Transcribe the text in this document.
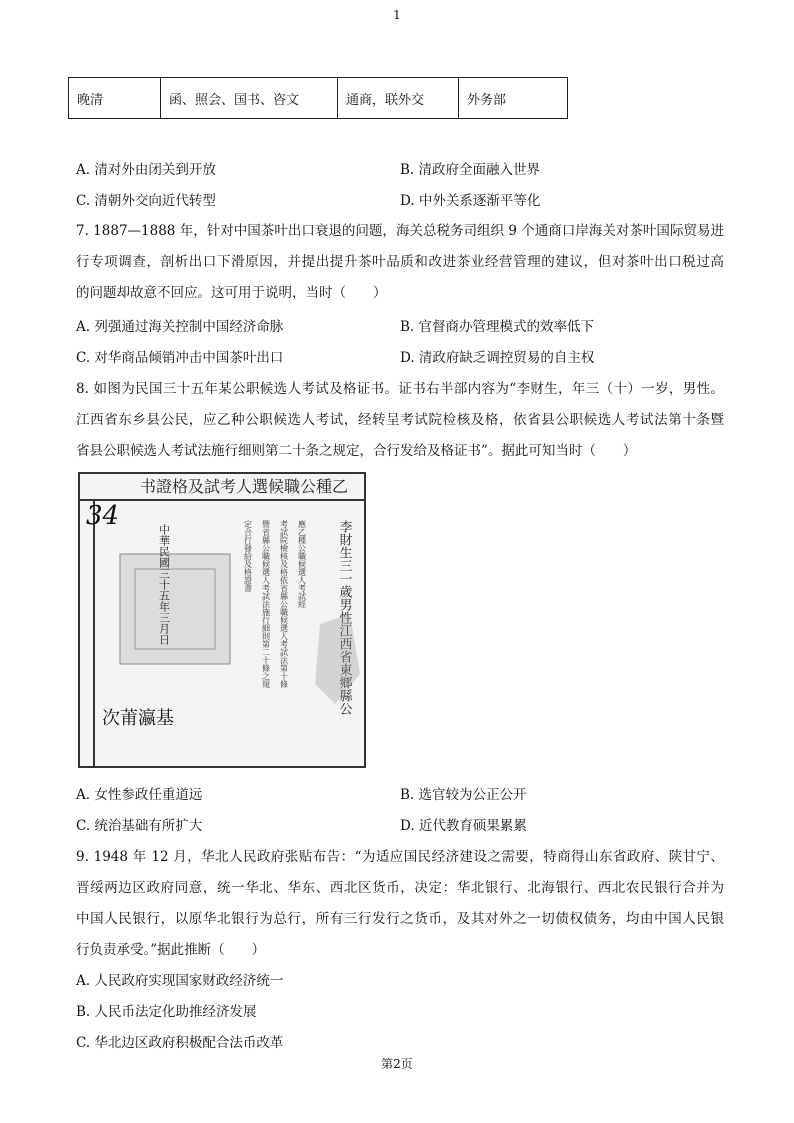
1
晚清	函、照会、国书、咨文	通商，联外交	外务部
A. 清对外由闭关到开放	B. 清政府全面融入世界
C. 清朝外交向近代转型	D. 中外关系逐渐平等化
7. 1887—1888 年，针对中国茶叶出口衰退的问题，海关总税务司组织 9 个通商口岸海关对茶叶国际贸易进
行专项调查，剖析出口下滑原因，并提出提升茶叶品质和改进茶业经营管理的建议，但对茶叶出口税过高
的问题却故意不回应。这可用于说明，当时（　　）
A. 列强通过海关控制中国经济命脉	B. 官督商办管理模式的效率低下
C. 对华商品倾销冲击中国茶叶出口	D. 清政府缺乏调控贸易的自主权
8. 如图为民国三十五年某公职候选人考试及格证书。证书右半部内容为“李财生，年三（十）一岁，男性。
江西省东乡县公民，应乙种公职候选人考试，经转呈考试院检核及格，依省县公职候选人考试法第十条暨
省县公职候选人考试法施行细则第二十条之规定，合行发给及格证书”。据此可知当时（　　）
书證格及試考人選候職公種乙
34
李財生三一歲男性江西省東鄉縣公
應乙種公職候選人考試經
考試院檢核及格依省縣公職候選人考試法第十條
暨省縣公職候選人考試法施行細則第二十條之規
定合行發給及格證書
中華民國三十五年三月日
次莆瀛基
A. 女性参政任重道远	B. 选官较为公正公开
C. 统治基础有所扩大	D. 近代教育硕果累累
9. 1948 年 12 月，华北人民政府张贴布告：“为适应国民经济建设之需要，特商得山东省政府、陕甘宁、
晋绥两边区政府同意，统一华北、华东、西北区货币，决定：华北银行、北海银行、西北农民银行合并为
中国人民银行，以原华北银行为总行，所有三行发行之货币，及其对外之一切债权债务，均由中国人民银
行负责承受。”据此推断（　　）
A. 人民政府实现国家财政经济统一
B. 人民币法定化助推经济发展
C. 华北边区政府积极配合法币改革
第2页
